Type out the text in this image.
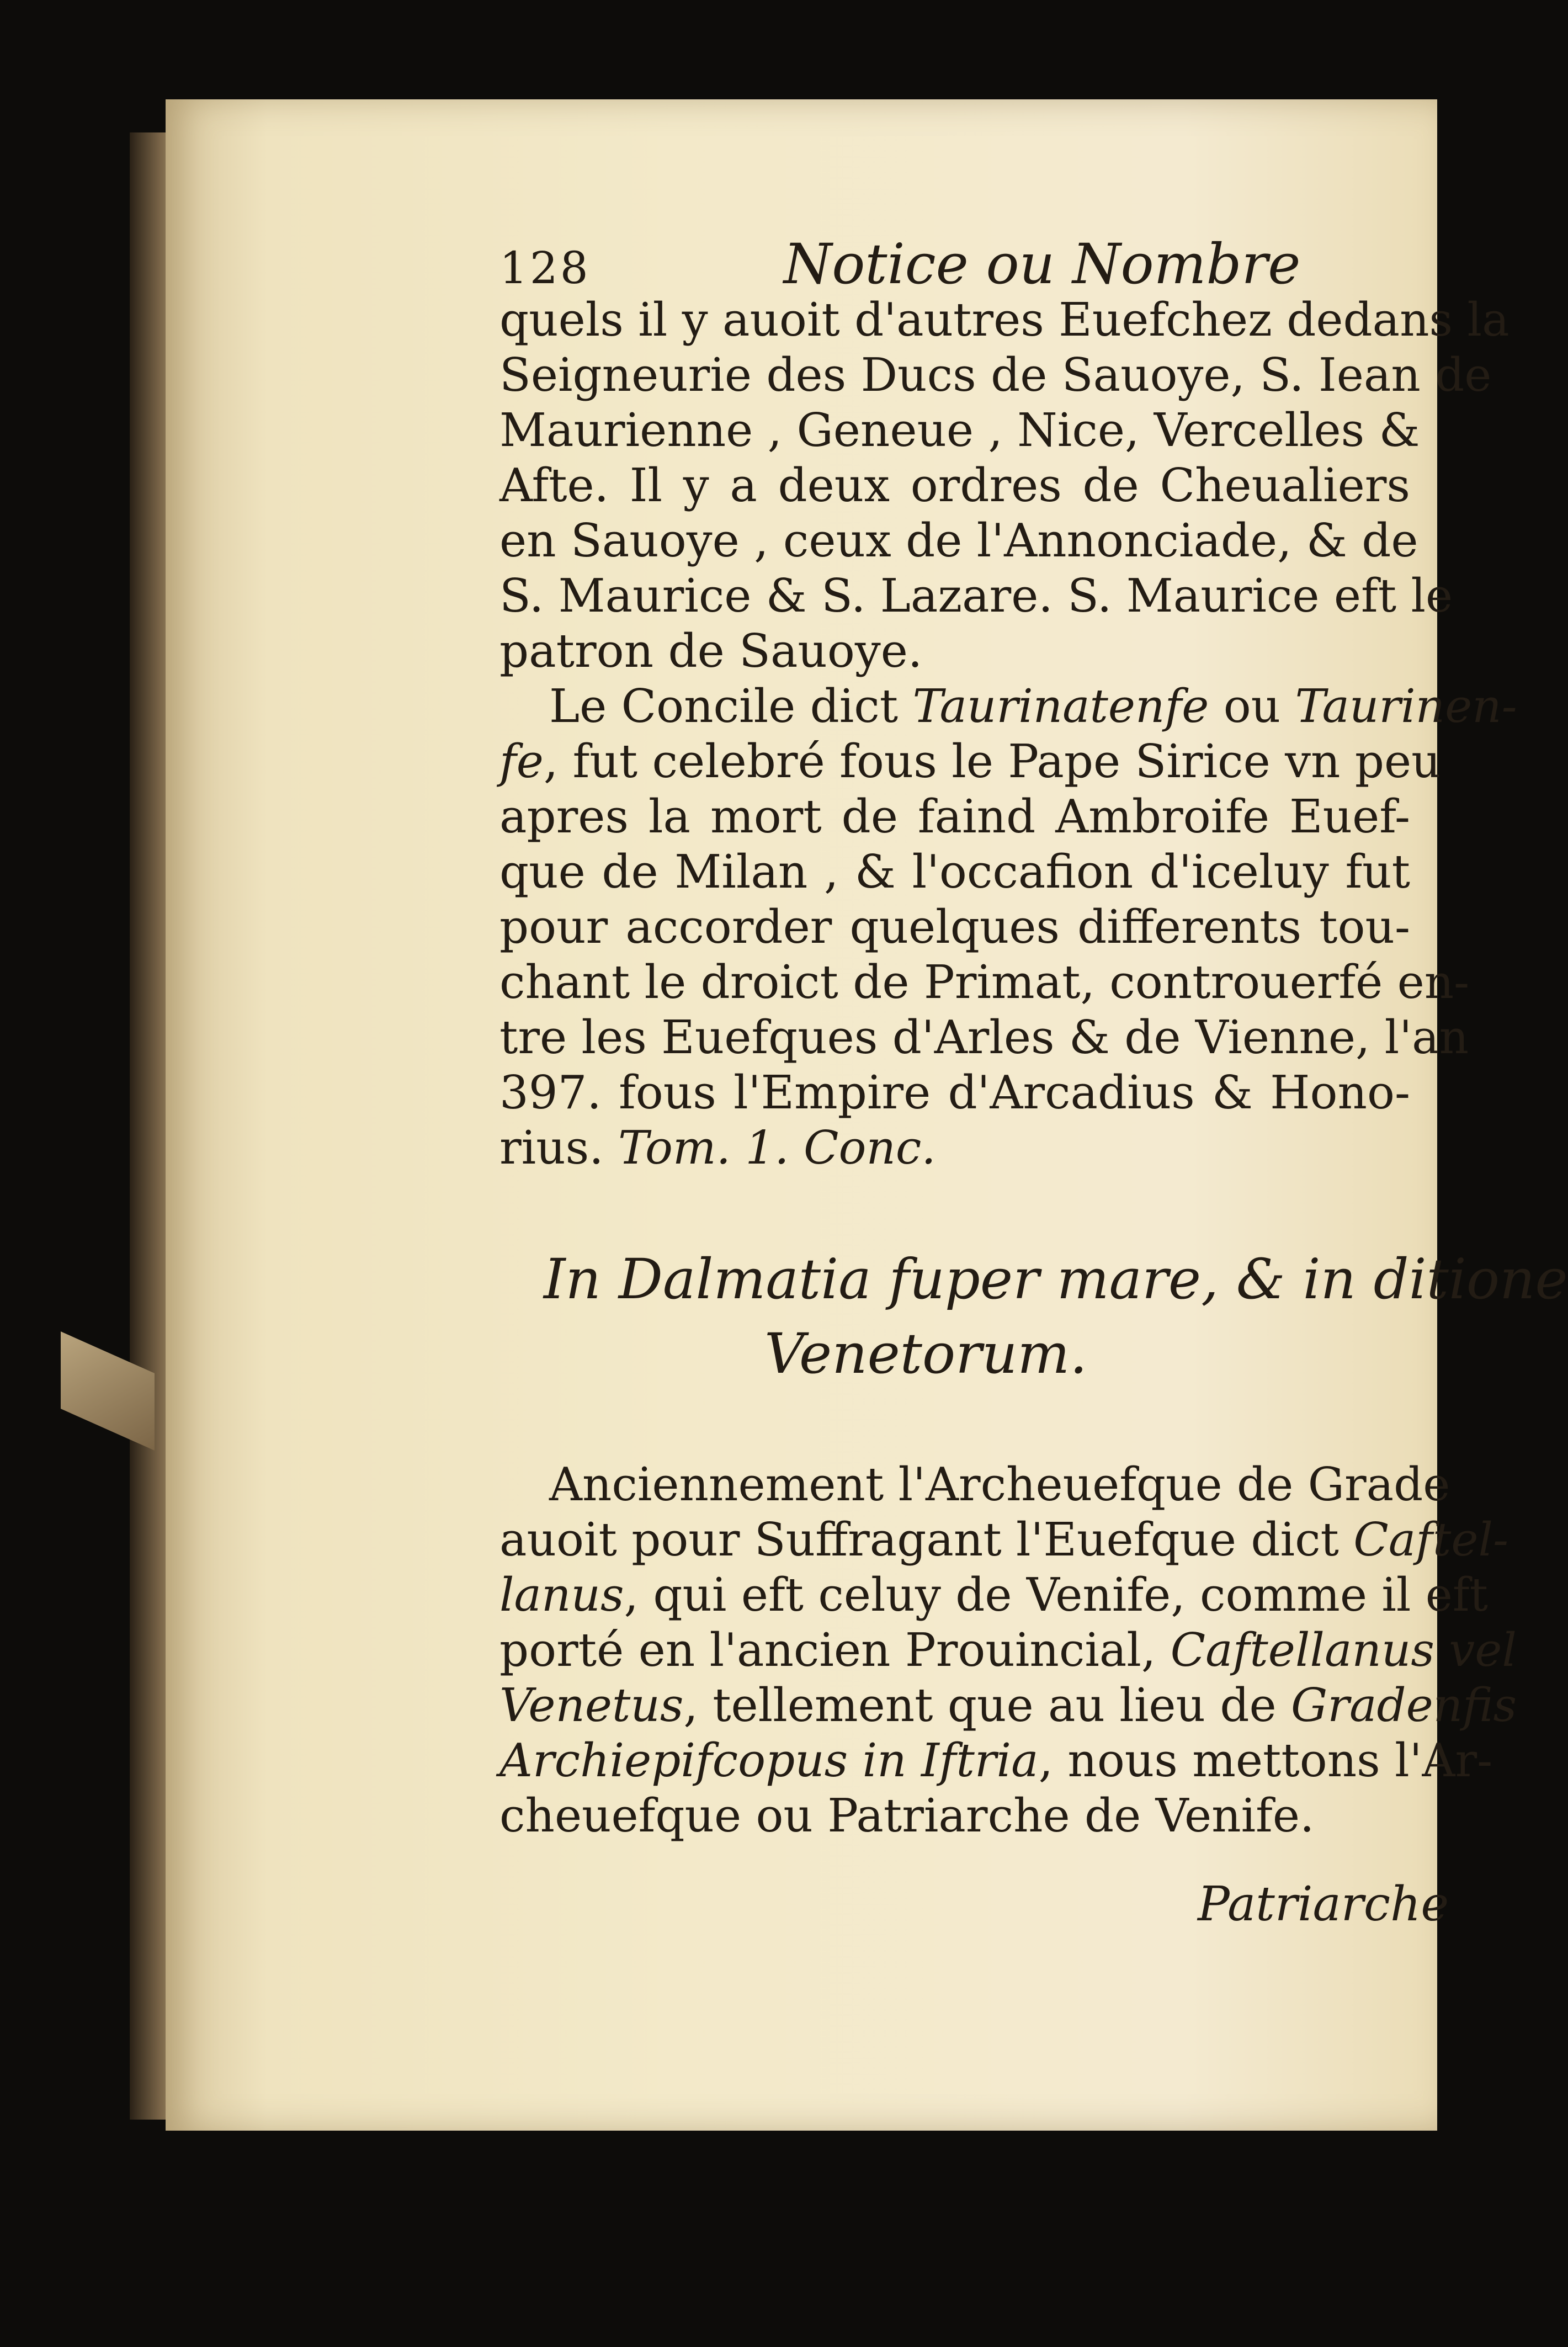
128	Notice ou Nombre
quels il y auoit d'autres Euefchez dedans la
Seigneurie des Ducs de Sauoye, S. Iean de
Maurienne , Geneue , Nice, Vercelles &
Afte. Il y a deux ordres de Cheualiers
en Sauoye , ceux de l'Annonciade, & de
S. Maurice & S. Lazare. S. Maurice eft le
patron de Sauoye.
Le Concile dict Taurinatenfe ou Taurinen-
fe, fut celebré fous le Pape Sirice vn peu
apres la mort de faind Ambroife Euef-
que de Milan , & l'occafion d'iceluy fut
pour accorder quelques differents tou-
chant le droict de Primat, controuerfé en-
tre les Euefques d'Arles & de Vienne, l'an
397. fous l'Empire d'Arcadius & Hono-
rius. Tom. 1. Conc.
In Dalmatia fuper mare, & in ditione
Venetorum.
Anciennement l'Archeuefque de Grade
auoit pour Suffragant l'Euefque dict Caftel-
lanus, qui eft celuy de Venife, comme il eft
porté en l'ancien Prouincial, Caftellanus vel
Venetus, tellement que au lieu de Gradenfis
Archiepifcopus in Iftria, nous mettons l'Ar-
cheuefque ou Patriarche de Venife.
Patriarche
